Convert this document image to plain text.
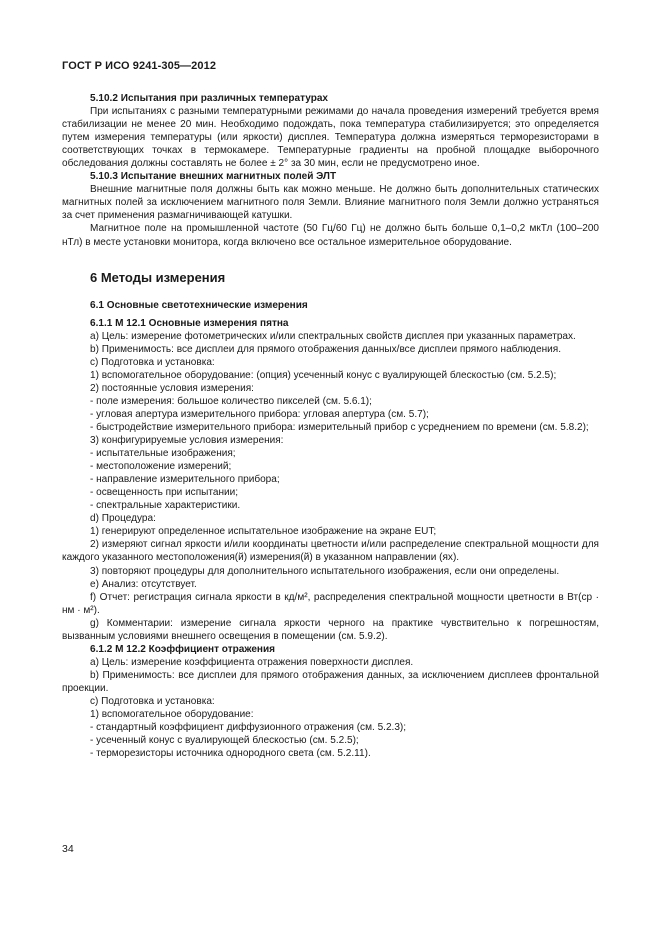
ГОСТ Р ИСО 9241-305—2012

5.10.2 Испытания при различных температурах

При испытаниях с разными температурными режимами до начала проведения измерений требуется время стабилизации не менее 20 мин. Необходимо подождать, пока температура стабилизируется; это определяется путем измерения температуры (или яркости) дисплея. Температура должна измеряться терморезисторами в соответствующих точках в термокамере. Температурные градиенты на пробной площадке выборочного обследования должны составлять не более ± 2° за 30 мин, если не предусмотрено иное.

5.10.3 Испытание внешних магнитных полей ЭЛТ

Внешние магнитные поля должны быть как можно меньше. Не должно быть дополнительных статических магнитных полей за исключением магнитного поля Земли. Влияние магнитного поля Земли должно устраняться за счет применения размагничивающей катушки.

Магнитное поле на промышленной частоте (50 Гц/60 Гц) не должно быть больше 0,1–0,2 мкТл (100–200 нТл) в месте установки монитора, когда включено все остальное измерительное оборудование.

6 Методы измерения

6.1 Основные светотехнические измерения

6.1.1 M 12.1 Основные измерения пятна

a) Цель: измерение фотометрических и/или спектральных свойств дисплея при указанных параметрах.

b) Применимость: все дисплеи для прямого отображения данных/все дисплеи прямого наблюдения.

c) Подготовка и установка:

1) вспомогательное оборудование: (опция) усеченный конус с вуалирующей блескостью (см. 5.2.5);

2) постоянные условия измерения:

- поле измерения: большое количество пикселей (см. 5.6.1);

- угловая апертура измерительного прибора: угловая апертура (см. 5.7);

- быстродействие измерительного прибора: измерительный прибор с усреднением по времени (см. 5.8.2);

3) конфигурируемые условия измерения:

- испытательные изображения;

- местоположение измерений;

- направление измерительного прибора;

- освещенность при испытании;

- спектральные характеристики.

d) Процедура:

1) генерируют определенное испытательное изображение на экране EUT;

2) измеряют сигнал яркости и/или координаты цветности и/или распределение спектральной мощности для каждого указанного местоположения(й) измерения(й) в указанном направлении (ях).

3) повторяют процедуры для дополнительного испытательного изображения, если они определены.

e) Анализ: отсутствует.

f) Отчет: регистрация сигнала яркости в кд/м², распределения спектральной мощности цветности в Вт(ср · нм · м²).

g) Комментарии: измерение сигнала яркости черного на практике чувствительно к погрешностям, вызванным условиями внешнего освещения в помещении (см. 5.9.2).

6.1.2 M 12.2 Коэффициент отражения

a) Цель: измерение коэффициента отражения поверхности дисплея.

b) Применимость: все дисплеи для прямого отображения данных, за исключением дисплеев фронтальной проекции.

c) Подготовка и установка:

1) вспомогательное оборудование:

- стандартный коэффициент диффузионного отражения (см. 5.2.3);

- усеченный конус с вуалирующей блескостью (см. 5.2.5);

- терморезисторы источника однородного света (см. 5.2.11).

34
